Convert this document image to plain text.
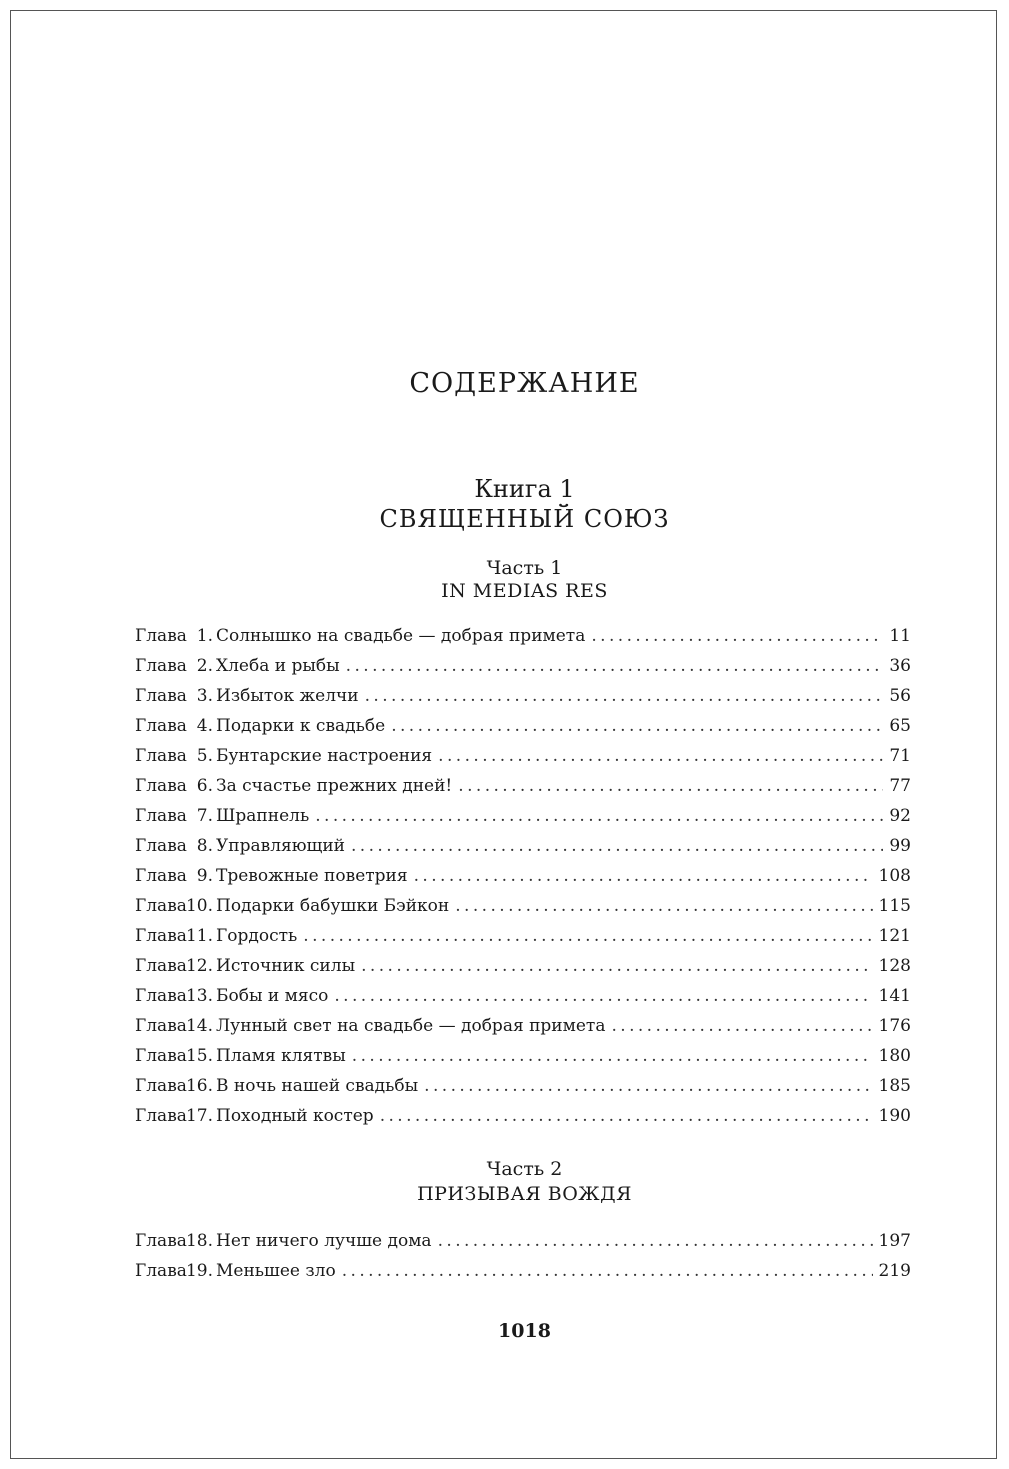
СОДЕРЖАНИЕ
Книга 1
СВЯЩЕННЫЙ СОЮЗ
Часть 1
IN MEDIAS RES
Глава 1. Солнышко на свадьбе — добрая примета . . .	11
Глава 2. Хлеба и рыбы . . .	36
Глава 3. Избыток желчи . . .	56
Глава 4. Подарки к свадьбе . . .	65
Глава 5. Бунтарские настроения . . .	71
Глава 6. За счастье прежних дней! . . .	77
Глава 7. Шрапнель . . .	92
Глава 8. Управляющий . . .	99
Глава 9. Тревожные поветрия . . .	108
Глава 10. Подарки бабушки Бэйкон . . .	115
Глава 11. Гордость . . .	121
Глава 12. Источник силы . . .	128
Глава 13. Бобы и мясо . . .	141
Глава 14. Лунный свет на свадьбе — добрая примета . . .	176
Глава 15. Пламя клятвы . . .	180
Глава 16. В ночь нашей свадьбы . . .	185
Глава 17. Походный костер . . .	190
Часть 2
ПРИЗЫВАЯ ВОЖДЯ
Глава 18. Нет ничего лучше дома . . .	197
Глава 19. Меньшее зло . . .	219
1018
